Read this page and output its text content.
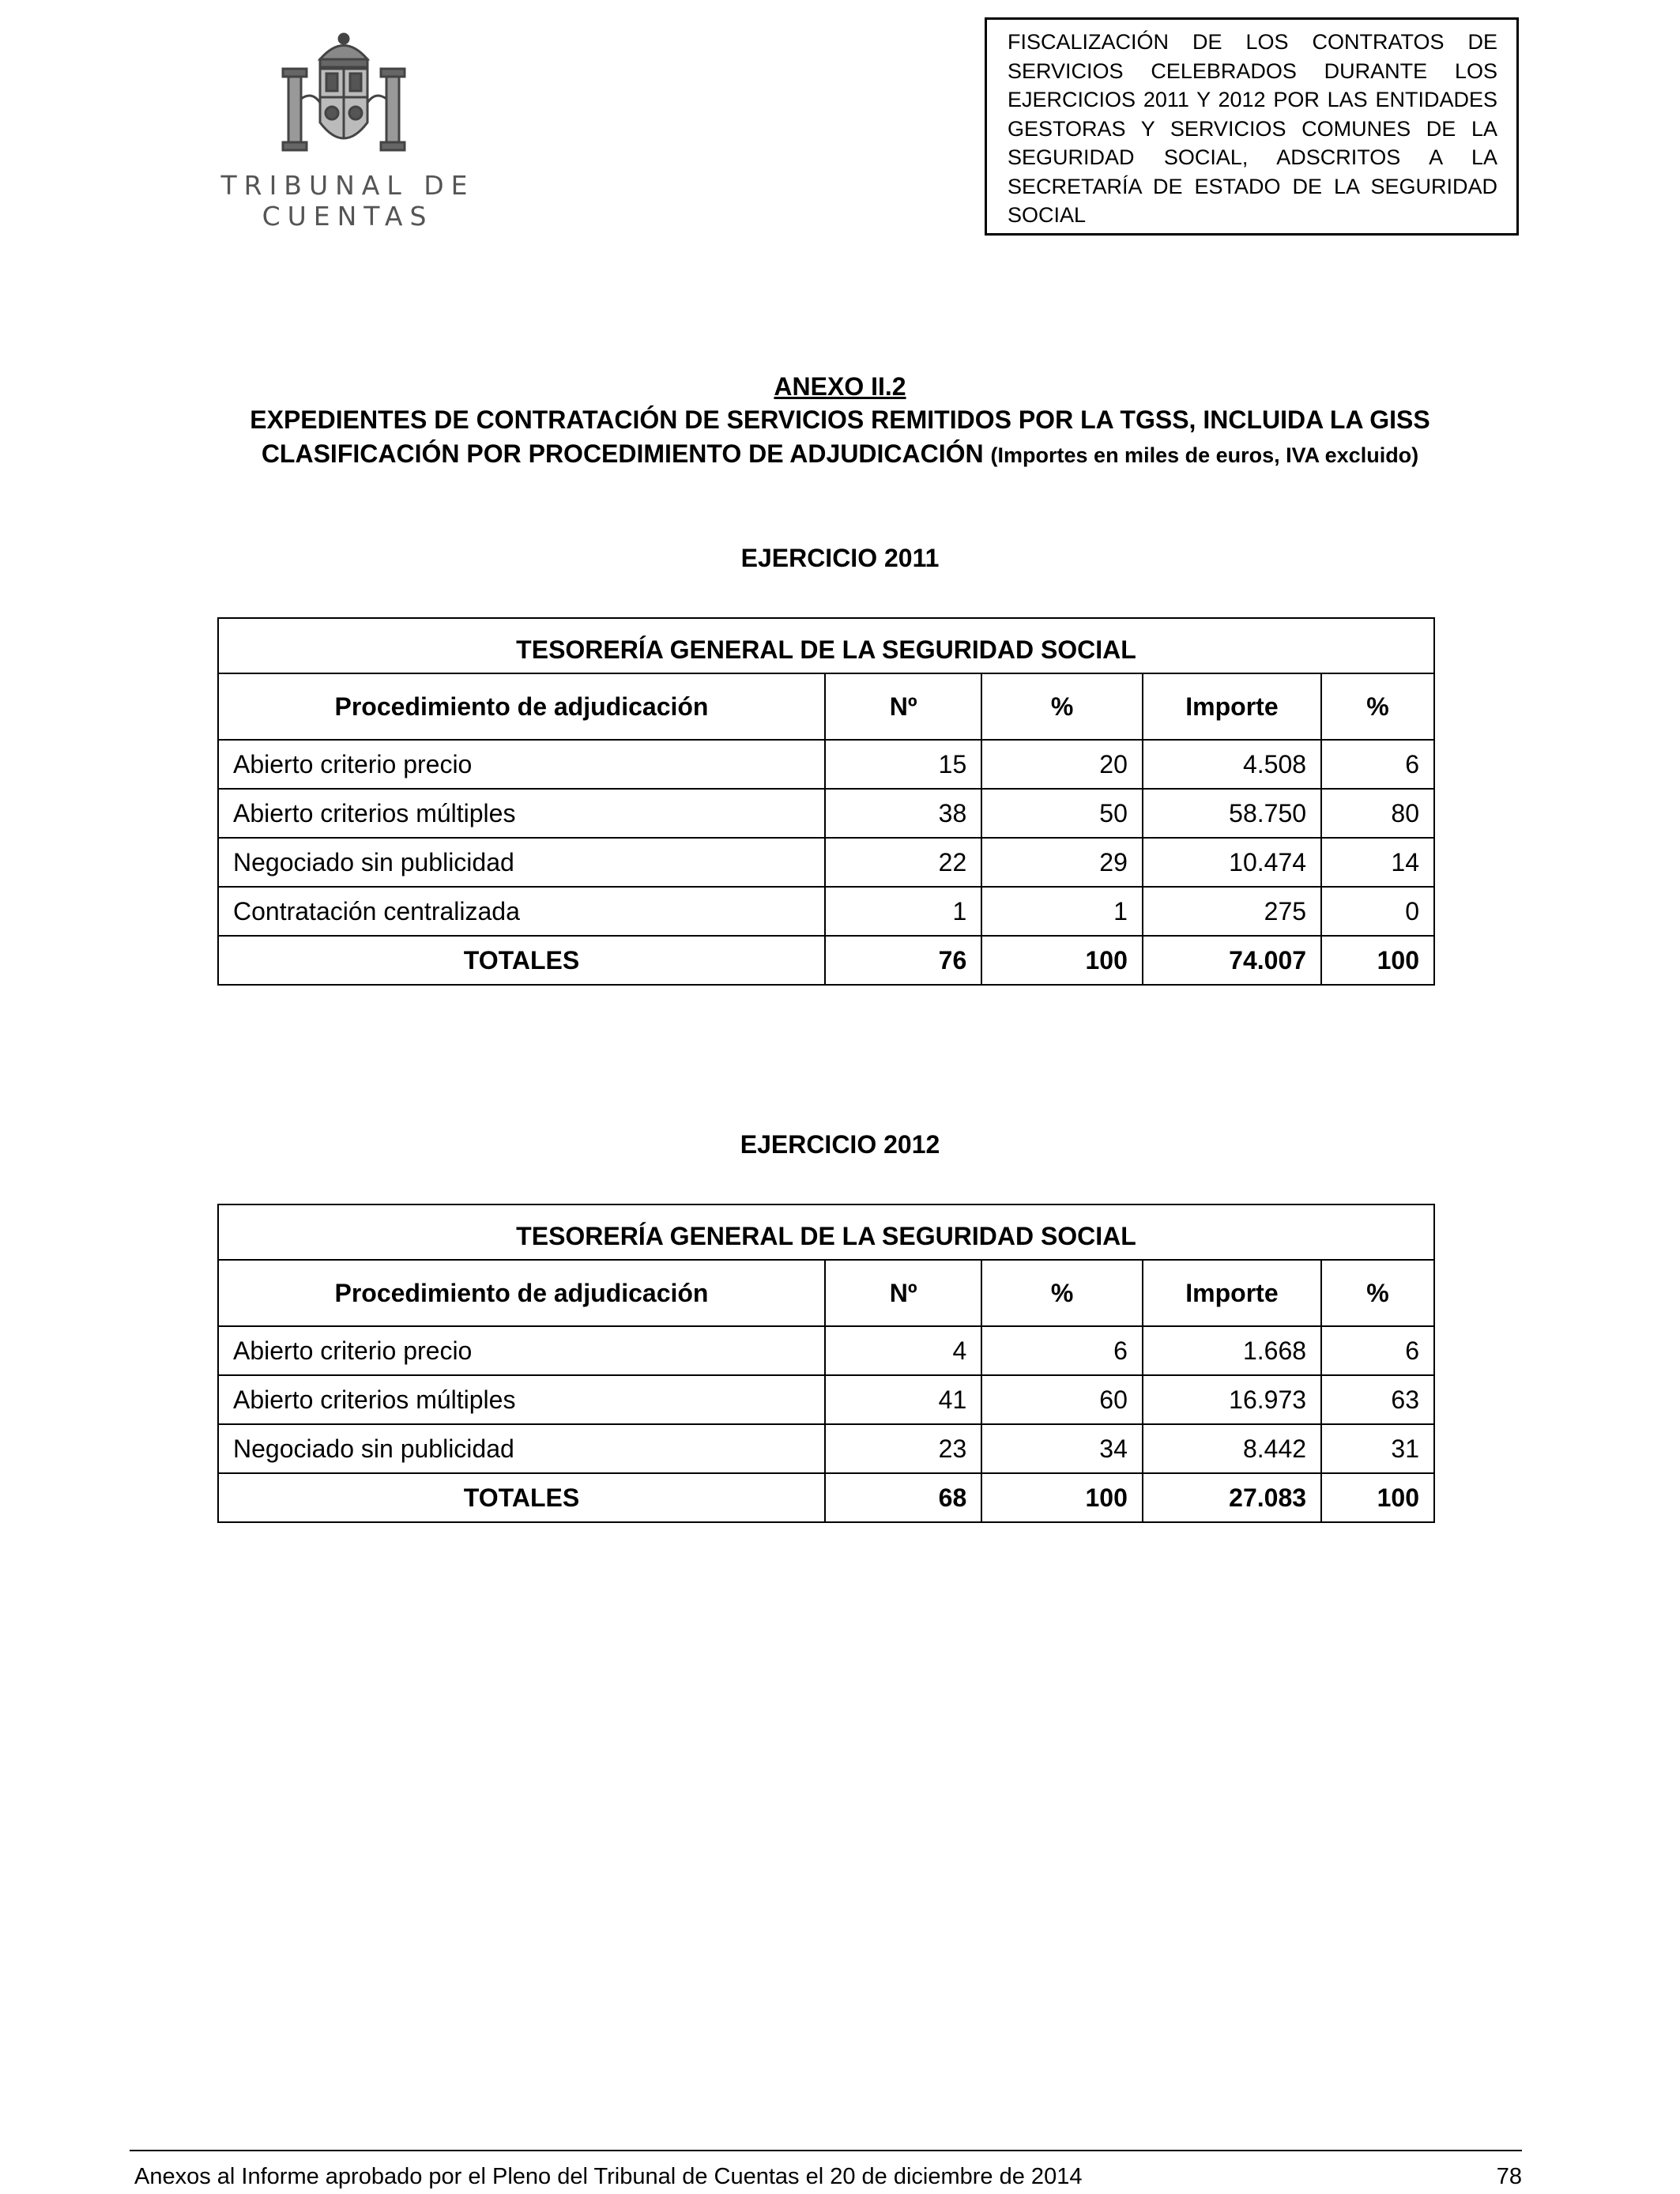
TRIBUNAL DE CUENTAS
FISCALIZACIÓN DE LOS CONTRATOS DE SERVICIOS CELEBRADOS DURANTE LOS EJERCICIOS 2011 Y 2012 POR LAS ENTIDADES GESTORAS Y SERVICIOS COMUNES DE LA SEGURIDAD SOCIAL, ADSCRITOS A LA SECRETARÍA DE ESTADO DE LA SEGURIDAD SOCIAL
ANEXO II.2
EXPEDIENTES DE CONTRATACIÓN DE SERVICIOS REMITIDOS POR LA TGSS, INCLUIDA LA GISS
CLASIFICACIÓN POR PROCEDIMIENTO DE ADJUDICACIÓN (Importes en miles de euros, IVA excluido)
EJERCICIO 2011
TESORERÍA GENERAL DE LA SEGURIDAD SOCIAL				
Procedimiento de adjudicación	Nº	%	Importe	%
Abierto criterio precio	15	20	4.508	6
Abierto criterios múltiples	38	50	58.750	80
Negociado sin publicidad	22	29	10.474	14
Contratación centralizada	1	1	275	0
TOTALES	76	100	74.007	100
EJERCICIO 2012
TESORERÍA GENERAL DE LA SEGURIDAD SOCIAL				
Procedimiento de adjudicación	Nº	%	Importe	%
Abierto criterio precio	4	6	1.668	6
Abierto criterios múltiples	41	60	16.973	63
Negociado sin publicidad	23	34	8.442	31
TOTALES	68	100	27.083	100
Anexos al Informe aprobado por el Pleno del Tribunal de Cuentas el 20 de diciembre de 2014	78
